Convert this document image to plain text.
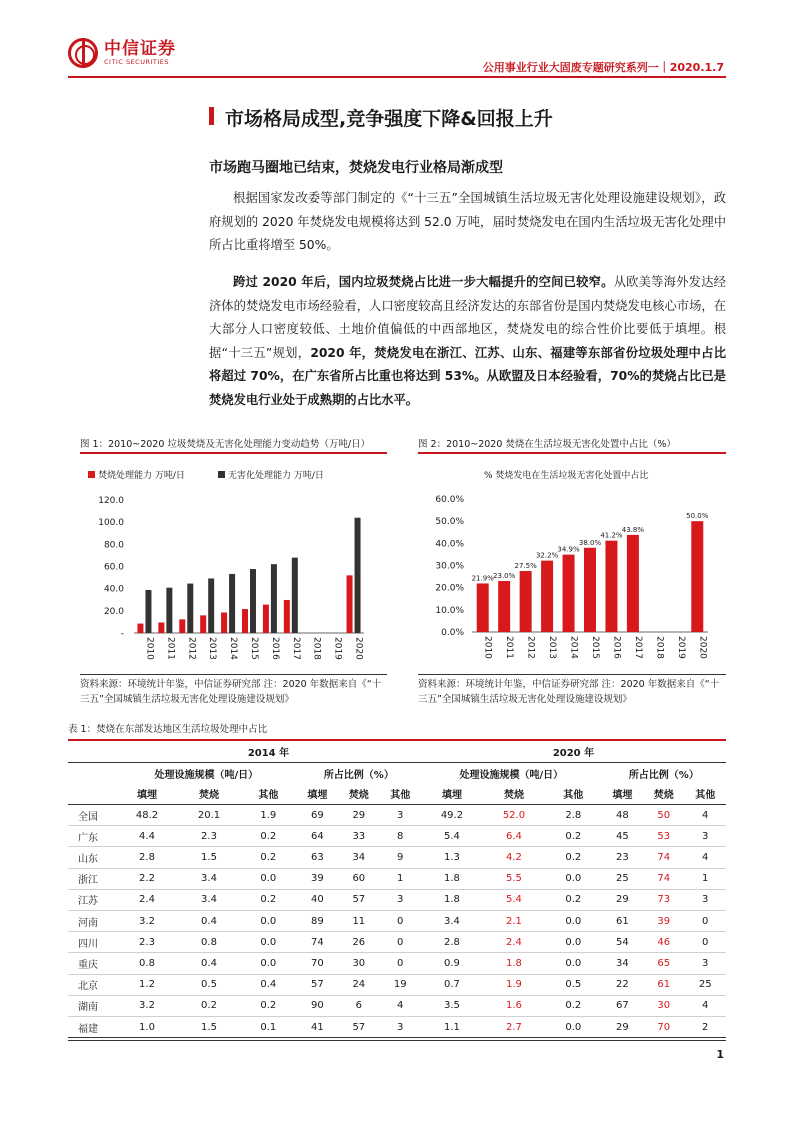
中信证券
CITIC SECURITIES	公用事业行业大固废专题研究系列一｜2020.1.7
市场格局成型,竞争强度下降&回报上升
市场跑马圈地已结束，焚烧发电行业格局渐成型

根据国家发改委等部门制定的《“十三五”全国城镇生活垃圾无害化处理设施建设规划》，政府规划的 2020 年焚烧发电规模将达到 52.0 万吨，届时焚烧发电在国内生活垃圾无害化处理中所占比重将增至 50%。

跨过 2020 年后，国内垃圾焚烧占比进一步大幅提升的空间已较窄。从欧美等海外发达经济体的焚烧发电市场经验看，人口密度较高且经济发达的东部省份是国内焚烧发电核心市场，在大部分人口密度较低、土地价值偏低的中西部地区，焚烧发电的综合性价比要低于填埋。根据“十三五”规划，2020 年，焚烧发电在浙江、江苏、山东、福建等东部省份垃圾处理中占比将超过 70%，在广东省所占比重也将达到 53%。从欧盟及日本经验看，70%的焚烧占比已是焚烧发电行业处于成熟期的占比水平。

图 1：2010~2020 垃圾焚烧及无害化处理能力变动趋势（万吨/日）	图 2：2010~2020 焚烧在生活垃圾无害化处置中占比（%）
焚烧处理能力 万吨/日	无害化处理能力 万吨/日
-
20.0
40.0
60.0
80.0
100.0
120.0
2010 2011 2012 2013 2014 2015 2016 2017 2018 2019 2020
% 焚烧发电在生活垃圾无害化处置中占比
0.0%
10.0%
20.0%
30.0%
40.0%
50.0%
60.0%
21.9%
2010
23.0%
2011
27.5%
2012
32.2%
2013
34.9%
2014
38.0%
2015
41.2%
2016
43.8%
2017 2018 2019
50.0%
2020
资料来源：环境统计年鉴，中信证券研究部 注：2020 年数据来自《“十三五”全国城镇生活垃圾无害化处理设施建设规划》
资料来源：环境统计年鉴，中信证券研究部 注：2020 年数据来自《“十三五”全国城镇生活垃圾无害化处理设施建设规划》
表 1：焚烧在东部发达地区生活垃圾处理中占比
	2014 年						2020 年					
	处理设施规模（吨/日）			所占比例（%）			处理设施规模（吨/日）			所占比例（%）		
	填埋	焚烧	其他	填埋	焚烧	其他	填埋	焚烧	其他	填埋	焚烧	其他
全国	48.2	20.1	1.9	69	29	3	49.2	52.0	2.8	48	50	4
广东	4.4	2.3	0.2	64	33	8	5.4	6.4	0.2	45	53	3
山东	2.8	1.5	0.2	63	34	9	1.3	4.2	0.2	23	74	4
浙江	2.2	3.4	0.0	39	60	1	1.8	5.5	0.0	25	74	1
江苏	2.4	3.4	0.2	40	57	3	1.8	5.4	0.2	29	73	3
河南	3.2	0.4	0.0	89	11	0	3.4	2.1	0.0	61	39	0
四川	2.3	0.8	0.0	74	26	0	2.8	2.4	0.0	54	46	0
重庆	0.8	0.4	0.0	70	30	0	0.9	1.8	0.0	34	65	3
北京	1.2	0.5	0.4	57	24	19	0.7	1.9	0.5	22	61	25
湖南	3.2	0.2	0.2	90	6	4	3.5	1.6	0.2	67	30	4
福建	1.0	1.5	0.1	41	57	3	1.1	2.7	0.0	29	70	2
1
